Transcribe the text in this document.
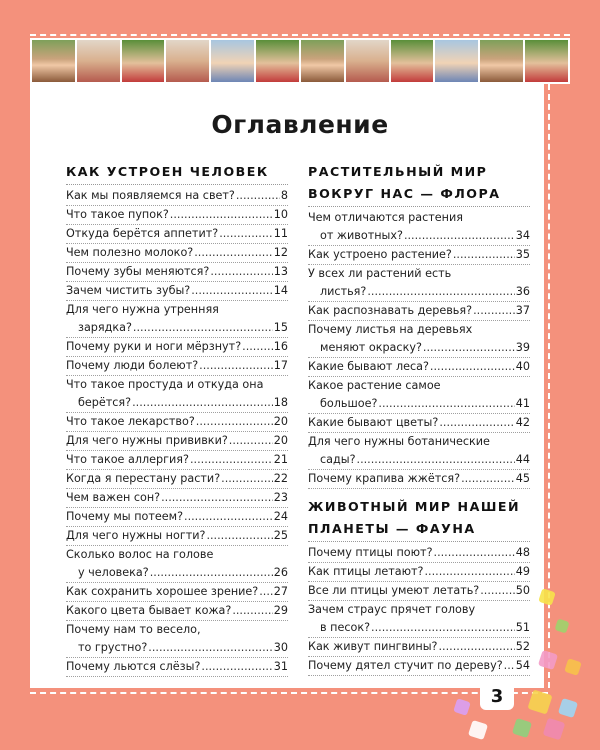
Оглавление
КАК УСТРОЕН ЧЕЛОВЕК
Как мы появляемся на свет? .....	8
Что такое пупок? .....	10
Откуда берётся аппетит? .....	11
Чем полезно молоко? .....	12
Почему зубы меняются? .....	13
Зачем чистить зубы? .....	14
Для чего нужна утренняя
зарядка? .....	15
Почему руки и ноги мёрзнут? .....	16
Почему люди болеют? .....	17
Что такое простуда и откуда она
берётся? .....	18
Что такое лекарство? .....	20
Для чего нужны прививки? .....	20
Что такое аллергия? .....	21
Когда я перестану расти? .....	22
Чем важен сон? .....	23
Почему мы потеем? .....	24
Для чего нужны ногти? .....	25
Сколько волос на голове
у человека? .....	26
Как сохранить хорошее зрение? ..... 27
Какого цвета бывает кожа? .....	29
Почему нам то весело,
то грустно? .....	30
Почему льются слёзы? .....	31
РАСТИТЕЛЬНЫЙ МИР
ВОКРУГ НАС — ФЛОРА
Чем отличаются растения
от животных? .....	34
Как устроено растение? .....	35
У всех ли растений есть
листья? .....	36
Как распознавать деревья? .....	37
Почему листья на деревьях
меняют окраску? .....	39
Какие бывают леса? .....	40
Какое растение самое
большое? .....	41
Какие бывают цветы? .....	42
Для чего нужны ботанические
сады? .....	44
Почему крапива жжётся? .....	45
ЖИВОТНЫЙ МИР НАШЕЙ
ПЛАНЕТЫ — ФАУНА
Почему птицы поют? .....	48
Как птицы летают? .....	49
Все ли птицы умеют летать? .....	50
Зачем страус прячет голову
в песок? .....	51
Как живут пингвины? .....	52
Почему дятел стучит по дереву? ..... 54
3
